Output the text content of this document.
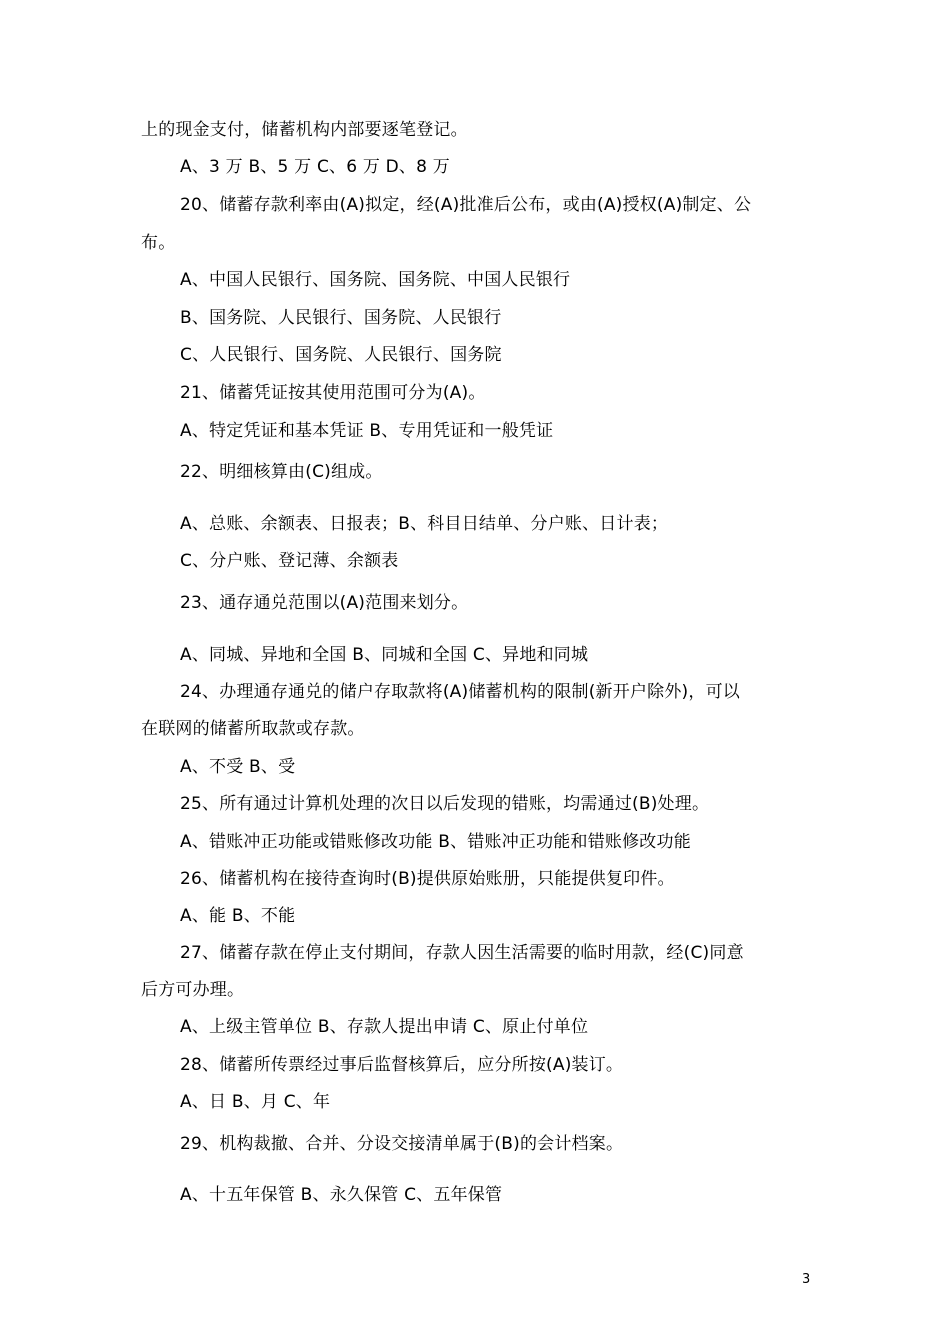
上的现金支付，储蓄机构内部要逐笔登记。
A、3 万 B、5 万 C、6 万 D、8 万
20、储蓄存款利率由(A)拟定，经(A)批准后公布，或由(A)授权(A)制定、公
布。
A、中国人民银行、国务院、国务院、中国人民银行
B、国务院、人民银行、国务院、人民银行
C、人民银行、国务院、人民银行、国务院
21、储蓄凭证按其使用范围可分为(A)。
A、特定凭证和基本凭证 B、专用凭证和一般凭证
22、明细核算由(C)组成。
A、总账、余额表、日报表；B、科目日结单、分户账、日计表；
C、分户账、登记薄、余额表
23、通存通兑范围以(A)范围来划分。
A、同城、异地和全国 B、同城和全国 C、异地和同城
24、办理通存通兑的储户存取款将(A)储蓄机构的限制(新开户除外)，可以
在联网的储蓄所取款或存款。
A、不受 B、受
25、所有通过计算机处理的次日以后发现的错账，均需通过(B)处理。
A、错账冲正功能或错账修改功能 B、错账冲正功能和错账修改功能
26、储蓄机构在接待查询时(B)提供原始账册，只能提供复印件。
A、能 B、不能
27、储蓄存款在停止支付期间，存款人因生活需要的临时用款，经(C)同意
后方可办理。
A、上级主管单位 B、存款人提出申请 C、原止付单位
28、储蓄所传票经过事后监督核算后，应分所按(A)装订。
A、日 B、月 C、年
29、机构裁撤、合并、分设交接清单属于(B)的会计档案。
A、十五年保管 B、永久保管 C、五年保管
3
